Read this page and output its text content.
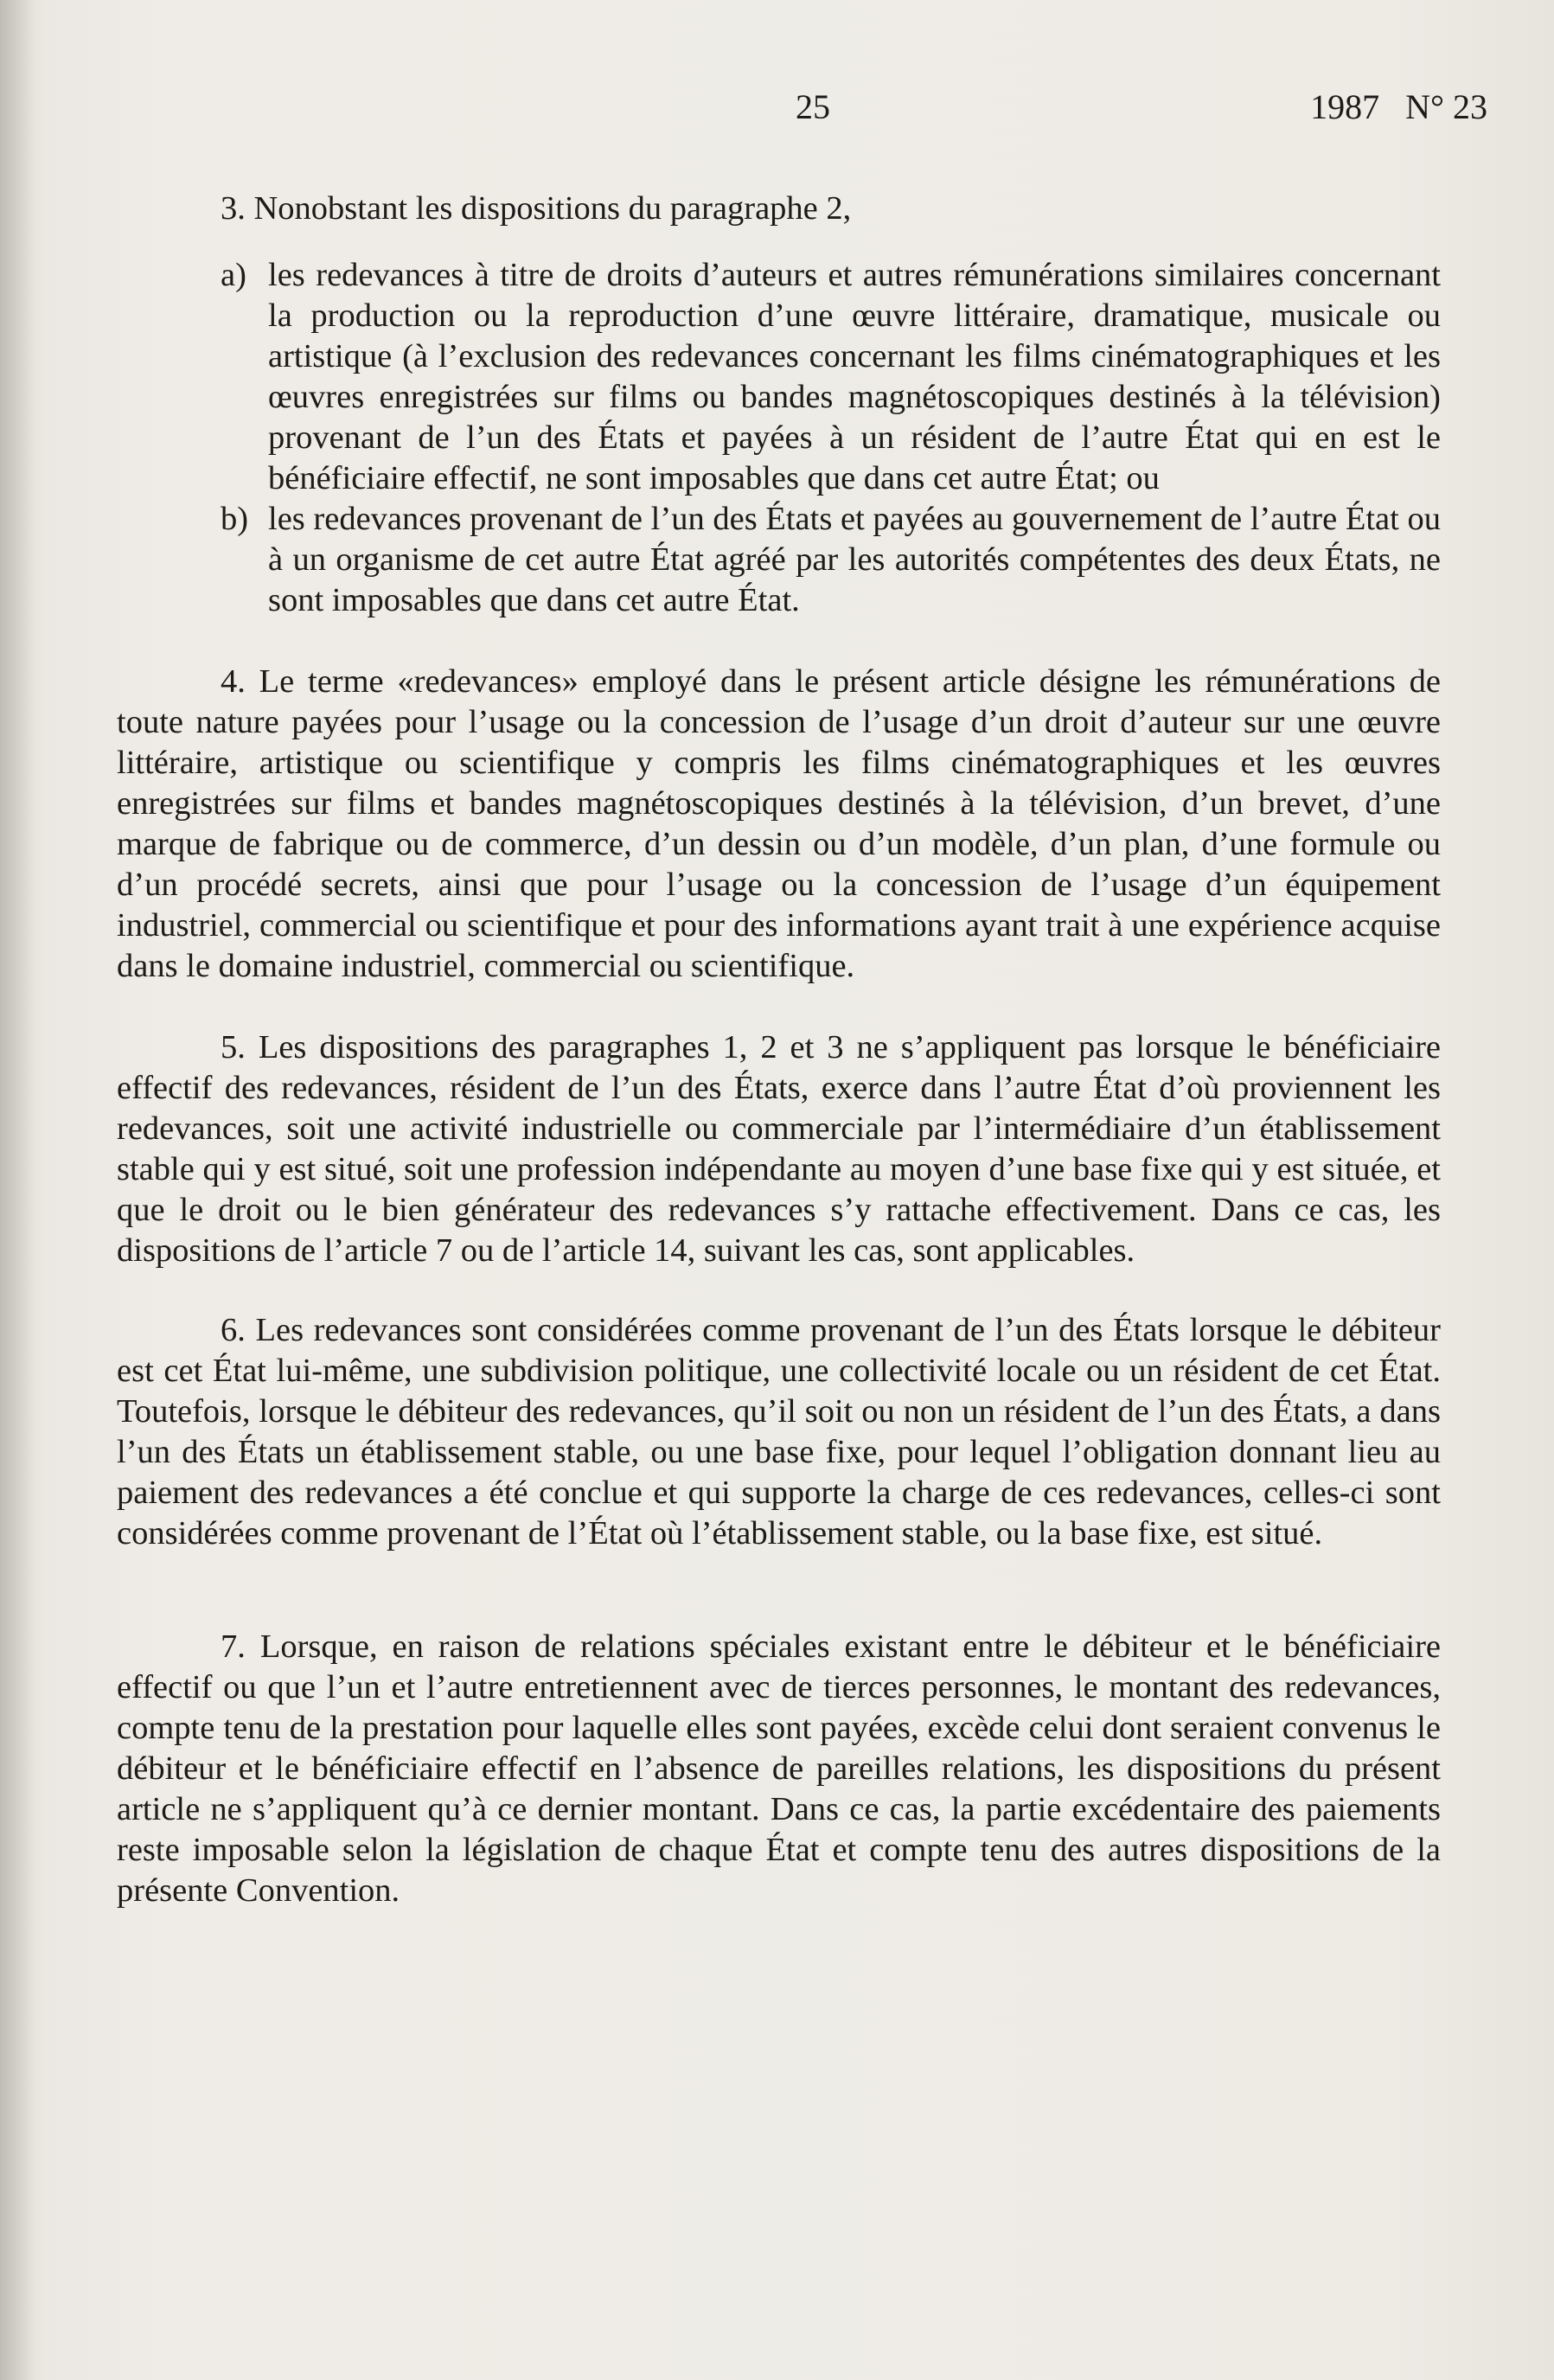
25	1987   N° 23

3. Nonobstant les dispositions du paragraphe 2,

a) les redevances à titre de droits d’auteurs et autres rémunérations similaires concernant la production ou la reproduction d’une œuvre littéraire, dramatique, musicale ou artistique (à l’exclusion des redevances concernant les films cinématographiques et les œuvres enregistrées sur films ou bandes magnétoscopiques destinés à la télévision) provenant de l’un des États et payées à un résident de l’autre État qui en est le bénéficiaire effectif, ne sont imposables que dans cet autre État; ou
b) les redevances provenant de l’un des États et payées au gouvernement de l’autre État ou à un organisme de cet autre État agréé par les autorités compétentes des deux États, ne sont imposables que dans cet autre État.

4. Le terme «redevances» employé dans le présent article désigne les rémunérations de toute nature payées pour l’usage ou la concession de l’usage d’un droit d’auteur sur une œuvre littéraire, artistique ou scientifique y compris les films cinématographiques et les œuvres enregistrées sur films et bandes magnétoscopiques destinés à la télévision, d’un brevet, d’une marque de fabrique ou de commerce, d’un dessin ou d’un modèle, d’un plan, d’une formule ou d’un procédé secrets, ainsi que pour l’usage ou la concession de l’usage d’un équipement industriel, commercial ou scientifique et pour des informations ayant trait à une expérience acquise dans le domaine industriel, commercial ou scientifique.

5. Les dispositions des paragraphes 1, 2 et 3 ne s’appliquent pas lorsque le bénéficiaire effectif des redevances, résident de l’un des États, exerce dans l’autre État d’où proviennent les redevances, soit une activité industrielle ou commerciale par l’intermédiaire d’un établissement stable qui y est situé, soit une profession indépendante au moyen d’une base fixe qui y est située, et que le droit ou le bien générateur des redevances s’y rattache effectivement. Dans ce cas, les dispositions de l’article 7 ou de l’article 14, suivant les cas, sont applicables.

6. Les redevances sont considérées comme provenant de l’un des États lorsque le débiteur est cet État lui-même, une subdivision politique, une collectivité locale ou un résident de cet État. Toutefois, lorsque le débiteur des redevances, qu’il soit ou non un résident de l’un des États, a dans l’un des États un établissement stable, ou une base fixe, pour lequel l’obligation donnant lieu au paiement des redevances a été conclue et qui supporte la charge de ces redevances, celles-ci sont considérées comme provenant de l’État où l’établissement stable, ou la base fixe, est situé.

7. Lorsque, en raison de relations spéciales existant entre le débiteur et le bénéficiaire effectif ou que l’un et l’autre entretiennent avec de tierces personnes, le montant des redevances, compte tenu de la prestation pour laquelle elles sont payées, excède celui dont seraient convenus le débiteur et le bénéficiaire effectif en l’absence de pareilles relations, les dispositions du présent article ne s’appliquent qu’à ce dernier montant. Dans ce cas, la partie excédentaire des paiements reste imposable selon la législation de chaque État et compte tenu des autres dispositions de la présente Convention.
